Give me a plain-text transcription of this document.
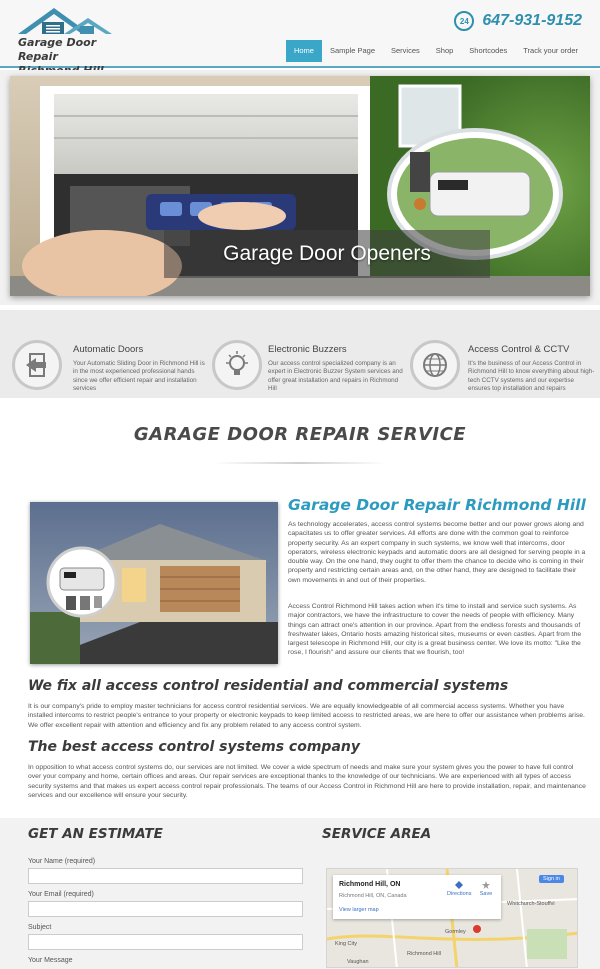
Garage Door Repair
24 647-931-9152
Home	Sample Page	Services	Shop	Shortcodes	Track your order
Garage Door Openers
Automatic Doors
Your Automatic Sliding Door in Richmond Hill is in the most experienced professional hands since we offer efficient repair and installation services
Electronic Buzzers
Our access control specialized company is an expert in Electronic Buzzer System services and offer great installation and repairs in Richmond Hill
Access Control & CCTV
It's the business of our Access Control in Richmond Hill to know everything about high-tech CCTV systems and our expertise ensures top installation and repairs
GARAGE DOOR REPAIR SERVICE
Garage Door Repair Richmond Hill
As technology accelerates, access control systems become better and our power grows along and capacitates us to offer greater services. All efforts are done with the common goal to reinforce property security. As an expert company in such systems, we know well that intercoms, door operators, wireless electronic keypads and automatic doors are all designed for serving people in a double way. On the one hand, they ought to offer them the chance to decide who is coming in their property and restricting certain areas and, on the other hand, they are designed to facilitate their own movements in and out of their properties.
Access Control Richmond Hill takes action when it's time to install and service such systems. As major contractors, we have the infrastructure to cover the needs of people with efficiency. Many things can attract one's attention in our province. Apart from the endless forests and thousands of freshwater lakes, Ontario hosts amazing historical sites, museums or even castles. Apart from the largest telescope in Richmond Hill, our city is a great business center. We love its motto: "Like the rose, I flourish" and assure our clients that we flourish, too!
We fix all access control residential and commercial systems
It is our company's pride to employ master technicians for access control residential services. We are equally knowledgeable of all commercial access systems. Whether you have installed intercoms to restrict people's entrance to your property or electronic keypads to keep limited access to restricted areas, we are here to offer our assistance when problems arise. We offer excellent repair with attention and efficiency and fix any problem related to any access control system.
The best access control systems company
In opposition to what access control systems do, our services are not limited. We cover a wide spectrum of needs and make sure your system gives you the power to have full control over your company and home, certain offices and areas. Our repair services are exceptional thanks to the knowledge of our technicians. We are experienced with all types of access security systems and that makes us expert access control repair professionals. The teams of our Access Control in Richmond Hill are here to provide installation, repair, and maintenance services and our excellence will ensure your security.
GET AN ESTIMATE	SERVICE AREA
Your Name (required)
Your Email (required)
Subject
Your Message
Richmond Hill, ON
Richmond Hill, ON, Canada
View larger map
Directions	Save
Sign in
Whitchurch-Stouffvi
King City
Gormley
Richmond Hill
Vaughan
